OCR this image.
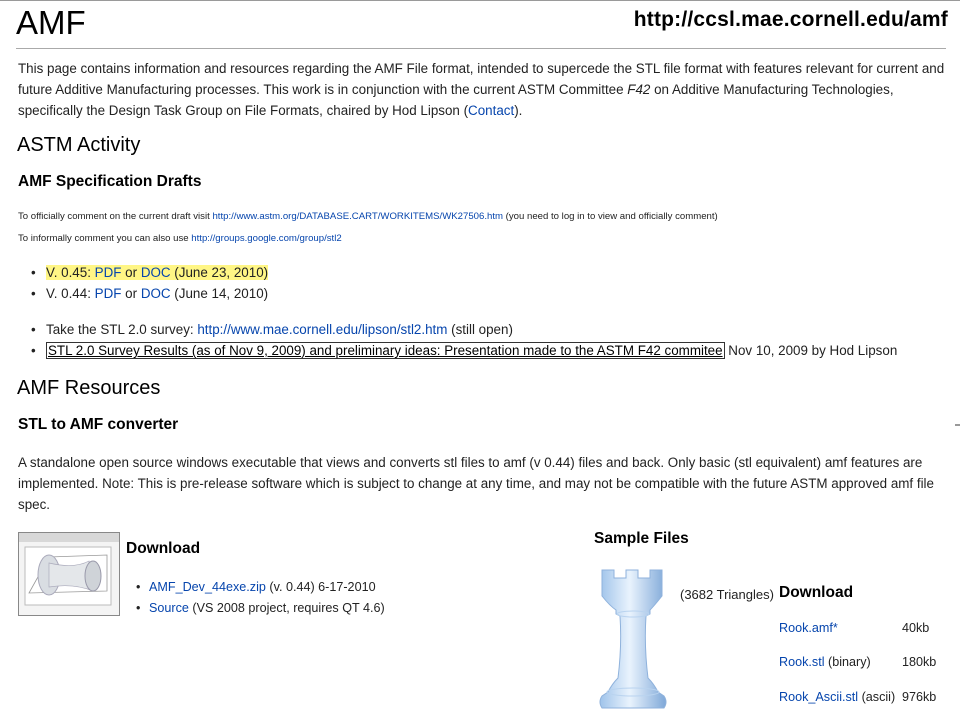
AMF	http://ccsl.mae.cornell.edu/amf

This page contains information and resources regarding the AMF File format, intended to supercede the STL file format with features relevant for current and future Additive Manufacturing processes. This work is in conjunction with the current ASTM Committee F42 on Additive Manufacturing Technologies, specifically the Design Task Group on File Formats, chaired by Hod Lipson (Contact).

ASTM Activity
AMF Specification Drafts

To officially comment on the current draft visit http://www.astm.org/DATABASE.CART/WORKITEMS/WK27506.htm (you need to log in to view and officially comment)

To informally comment you can also use http://groups.google.com/group/stl2

• V. 0.45: PDF or DOC (June 23, 2010)
• V. 0.44: PDF or DOC (June 14, 2010)
• Take the STL 2.0 survey: http://www.mae.cornell.edu/lipson/stl2.htm (still open)
• STL 2.0 Survey Results (as of Nov 9, 2009) and preliminary ideas: Presentation made to the ASTM F42 commitee Nov 10, 2009 by Hod Lipson
AMF Resources
STL to AMF converter

A standalone open source windows executable that views and converts stl files to amf (v 0.44) files and back. Only basic (stl equivalent) amf features are implemented. Note: This is pre-release software which is subject to change at any time, and may not be compatible with the future ASTM approved amf file spec.

Download
• AMF_Dev_44exe.zip (v. 0.44) 6-17-2010
• Source (VS 2008 project, requires QT 4.6)
Sample Files
(3682 Triangles) Download
Rook.amf*	40kb
Rook.stl (binary) 180kb
Rook_Ascii.stl (ascii) 976kb
